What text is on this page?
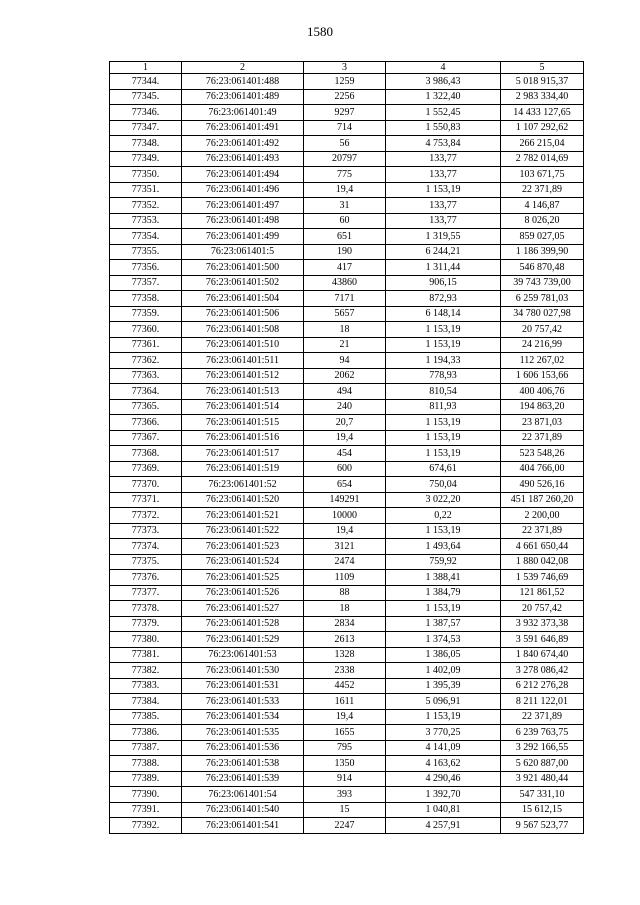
1580
1	2	3	4	5
77344.	76:23:061401:488	1259	3 986,43	5 018 915,37
77345.	76:23:061401:489	2256	1 322,40	2 983 334,40
77346.	76:23:061401:49	9297	1 552,45	14 433 127,65
77347.	76:23:061401:491	714	1 550,83	1 107 292,62
77348.	76:23:061401:492	56	4 753,84	266 215,04
77349.	76:23:061401:493	20797	133,77	2 782 014,69
77350.	76:23:061401:494	775	133,77	103 671,75
77351.	76:23:061401:496	19,4	1 153,19	22 371,89
77352.	76:23:061401:497	31	133,77	4 146,87
77353.	76:23:061401:498	60	133,77	8 026,20
77354.	76:23:061401:499	651	1 319,55	859 027,05
77355.	76:23:061401:5	190	6 244,21	1 186 399,90
77356.	76:23:061401:500	417	1 311,44	546 870,48
77357.	76:23:061401:502	43860	906,15	39 743 739,00
77358.	76:23:061401:504	7171	872,93	6 259 781,03
77359.	76:23:061401:506	5657	6 148,14	34 780 027,98
77360.	76:23:061401:508	18	1 153,19	20 757,42
77361.	76:23:061401:510	21	1 153,19	24 216,99
77362.	76:23:061401:511	94	1 194,33	112 267,02
77363.	76:23:061401:512	2062	778,93	1 606 153,66
77364.	76:23:061401:513	494	810,54	400 406,76
77365.	76:23:061401:514	240	811,93	194 863,20
77366.	76:23:061401:515	20,7	1 153,19	23 871,03
77367.	76:23:061401:516	19,4	1 153,19	22 371,89
77368.	76:23:061401:517	454	1 153,19	523 548,26
77369.	76:23:061401:519	600	674,61	404 766,00
77370.	76:23:061401:52	654	750,04	490 526,16
77371.	76:23:061401:520	149291	3 022,20	451 187 260,20
77372.	76:23:061401:521	10000	0,22	2 200,00
77373.	76:23:061401:522	19,4	1 153,19	22 371,89
77374.	76:23:061401:523	3121	1 493,64	4 661 650,44
77375.	76:23:061401:524	2474	759,92	1 880 042,08
77376.	76:23:061401:525	1109	1 388,41	1 539 746,69
77377.	76:23:061401:526	88	1 384,79	121 861,52
77378.	76:23:061401:527	18	1 153,19	20 757,42
77379.	76:23:061401:528	2834	1 387,57	3 932 373,38
77380.	76:23:061401:529	2613	1 374,53	3 591 646,89
77381.	76:23:061401:53	1328	1 386,05	1 840 674,40
77382.	76:23:061401:530	2338	1 402,09	3 278 086,42
77383.	76:23:061401:531	4452	1 395,39	6 212 276,28
77384.	76:23:061401:533	1611	5 096,91	8 211 122,01
77385.	76:23:061401:534	19,4	1 153,19	22 371,89
77386.	76:23:061401:535	1655	3 770,25	6 239 763,75
77387.	76:23:061401:536	795	4 141,09	3 292 166,55
77388.	76:23:061401:538	1350	4 163,62	5 620 887,00
77389.	76:23:061401:539	914	4 290,46	3 921 480,44
77390.	76:23:061401:54	393	1 392,70	547 331,10
77391.	76:23:061401:540	15	1 040,81	15 612,15
77392.	76:23:061401:541	2247	4 257,91	9 567 523,77
